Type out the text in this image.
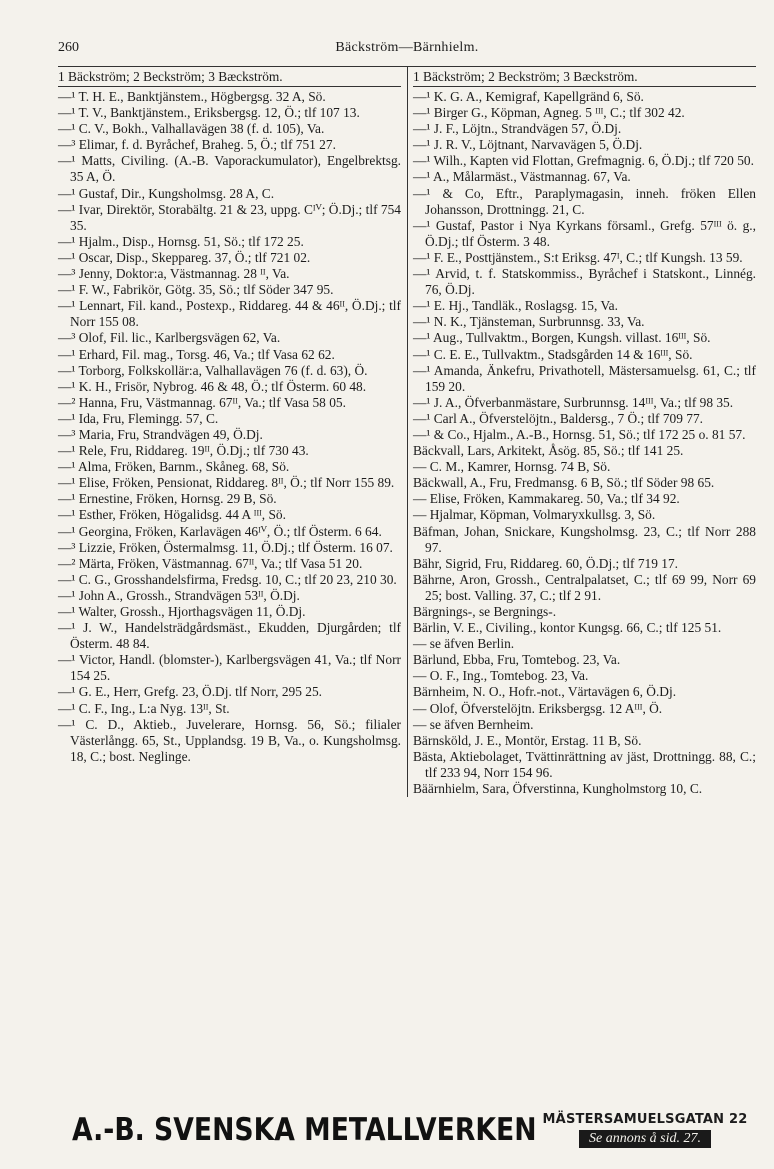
260	Bäckström—Bärnhielm.
1 Bäckström; 2 Beckström; 3 Bæckström.
—¹ T. H. E., Banktjänstem., Högbergsg. 32 A, Sö.
—¹ T. V., Banktjänstem., Eriksbergsg. 12, Ö.; tlf 107 13.
—¹ C. V., Bokh., Valhallavägen 38 (f. d. 105), Va.
—³ Elimar, f. d. Byråchef, Braheg. 5, Ö.; tlf 751 27.
—¹ Matts, Civiling. (A.-B. Vaporackumulator), Engelbrektsg. 35 A, Ö.
—¹ Gustaf, Dir., Kungsholmsg. 28 A, C.
—¹ Ivar, Direktör, Storabältg. 21 & 23, uppg. Cᴵⱽ; Ö.Dj.; tlf 754 35.
—¹ Hjalm., Disp., Hornsg. 51, Sö.; tlf 172 25.
—¹ Oscar, Disp., Skeppareg. 37, Ö.; tlf 721 02.
—³ Jenny, Doktor:a, Västmannag. 28 ᴵᴵ, Va.
—¹ F. W., Fabrikör, Götg. 35, Sö.; tlf Söder 347 95.
—¹ Lennart, Fil. kand., Postexp., Riddareg. 44 & 46ᴵᴵ, Ö.Dj.; tlf Norr 155 08.
—³ Olof, Fil. lic., Karlbergsvägen 62, Va.
—¹ Erhard, Fil. mag., Torsg. 46, Va.; tlf Vasa 62 62.
—¹ Torborg, Folkskollär:a, Valhallavägen 76 (f. d. 63), Ö.
—¹ K. H., Frisör, Nybrog. 46 & 48, Ö.; tlf Österm. 60 48.
—² Hanna, Fru, Västmannag. 67ᴵᴵ, Va.; tlf Vasa 58 05.
—¹ Ida, Fru, Flemingg. 57, C.
—³ Maria, Fru, Strandvägen 49, Ö.Dj.
—¹ Rele, Fru, Riddareg. 19ᴵᴵ, Ö.Dj.; tlf 730 43.
—¹ Alma, Fröken, Barnm., Skåneg. 68, Sö.
—¹ Elise, Fröken, Pensionat, Riddareg. 8ᴵᴵ, Ö.; tlf Norr 155 89.
—¹ Ernestine, Fröken, Hornsg. 29 B, Sö.
—¹ Esther, Fröken, Högalidsg. 44 A ᴵᴵᴵ, Sö.
—¹ Georgina, Fröken, Karlavägen 46ᴵⱽ, Ö.; tlf Österm. 6 64.
—³ Lizzie, Fröken, Östermalmsg. 11, Ö.Dj.; tlf Österm. 16 07.
—² Märta, Fröken, Västmannag. 67ᴵᴵ, Va.; tlf Vasa 51 20.
—¹ C. G., Grosshandelsfirma, Fredsg. 10, C.; tlf 20 23, 210 30.
—¹ John A., Grossh., Strandvägen 53ᴵᴵ, Ö.Dj.
—¹ Walter, Grossh., Hjorthagsvägen 11, Ö.Dj.
—¹ J. W., Handelsträdgårdsmäst., Ekudden, Djurgården; tlf Österm. 48 84.
—¹ Victor, Handl. (blomster-), Karlbergsvägen 41, Va.; tlf Norr 154 25.
—¹ G. E., Herr, Grefg. 23, Ö.Dj. tlf Norr, 295 25.
—¹ C. F., Ing., L:a Nyg. 13ᴵᴵ, St.
—¹ C. D., Aktieb., Juvelerare, Hornsg. 56, Sö.; filialer Västerlångg. 65, St., Upplandsg. 19 B, Va., o. Kungsholmsg. 18, C.; bost. Neglinge.
1 Bäckström; 2 Beckström; 3 Bæckström.
—¹ K. G. A., Kemigraf, Kapellgränd 6, Sö.
—¹ Birger G., Köpman, Agneg. 5 ᴵᴵᴵ, C.; tlf 302 42.
—¹ J. F., Löjtn., Strandvägen 57, Ö.Dj.
—¹ J. R. V., Löjtnant, Narvavägen 5, Ö.Dj.
—¹ Wilh., Kapten vid Flottan, Grefmagnig. 6, Ö.Dj.; tlf 720 50.
—¹ A., Målarmäst., Västmannag. 67, Va.
—¹ & Co, Eftr., Paraplymagasin, inneh. fröken Ellen Johansson, Drottningg. 21, C.
—¹ Gustaf, Pastor i Nya Kyrkans församl., Grefg. 57ᴵᴵᴵ ö. g., Ö.Dj.; tlf Österm. 3 48.
—¹ F. E., Posttjänstem., S:t Eriksg. 47ᴵ, C.; tlf Kungsh. 13 59.
—¹ Arvid, t. f. Statskommiss., Byråchef i Statskont., Linnég. 76, Ö.Dj.
—¹ E. Hj., Tandläk., Roslagsg. 15, Va.
—¹ N. K., Tjänsteman, Surbrunnsg. 33, Va.
—¹ Aug., Tullvaktm., Borgen, Kungsh. villast. 16ᴵᴵᴵ, Sö.
—¹ C. E. E., Tullvaktm., Stadsgården 14 & 16ᴵᴵᴵ, Sö.
—¹ Amanda, Änkefru, Privathotell, Mästersamuelsg. 61, C.; tlf 159 20.
—¹ J. A., Öfverbanmästare, Surbrunnsg. 14ᴵᴵᴵ, Va.; tlf 98 35.
—¹ Carl A., Öfverstelöjtn., Baldersg., 7 Ö.; tlf 709 77.
—¹ & Co., Hjalm., A.-B., Hornsg. 51, Sö.; tlf 172 25 o. 81 57.
Bäckvall, Lars, Arkitekt, Åsög. 85, Sö.; tlf 141 25.
— C. M., Kamrer, Hornsg. 74 B, Sö.
Bäckwall, A., Fru, Fredmansg. 6 B, Sö.; tlf Söder 98 65.
— Elise, Fröken, Kammakareg. 50, Va.; tlf 34 92.
— Hjalmar, Köpman, Volmaryxkullsg. 3, Sö.
Bäfman, Johan, Snickare, Kungsholmsg. 23, C.; tlf Norr 288 97.
Bähr, Sigrid, Fru, Riddareg. 60, Ö.Dj.; tlf 719 17.
Bährne, Aron, Grossh., Centralpalatset, C.; tlf 69 99, Norr 69 25; bost. Valling. 37, C.; tlf 2 91.
Bärgnings-, se Bergnings-.
Bärlin, V. E., Civiling., kontor Kungsg. 66, C.; tlf 125 51.
— se äfven Berlin.
Bärlund, Ebba, Fru, Tomtebog. 23, Va.
— O. F., Ing., Tomtebog. 23, Va.
Bärnheim, N. O., Hofr.-not., Värtavägen 6, Ö.Dj.
— Olof, Öfverstelöjtn. Eriksbergsg. 12 Aᴵᴵᴵ, Ö.
— se äfven Bernheim.
Bärnsköld, J. E., Montör, Erstag. 11 B, Sö.
Bästa, Aktiebolaget, Tvättinrättning av jäst, Drottningg. 88, C.; tlf 233 94, Norr 154 96.
Bäärnhielm, Sara, Öfverstinna, Kungholmstorg 10, C.
A.-B. SVENSKA METALLVERKEN MÄSTERSAMUELSGATAN 22
Se annons å sid. 27.
